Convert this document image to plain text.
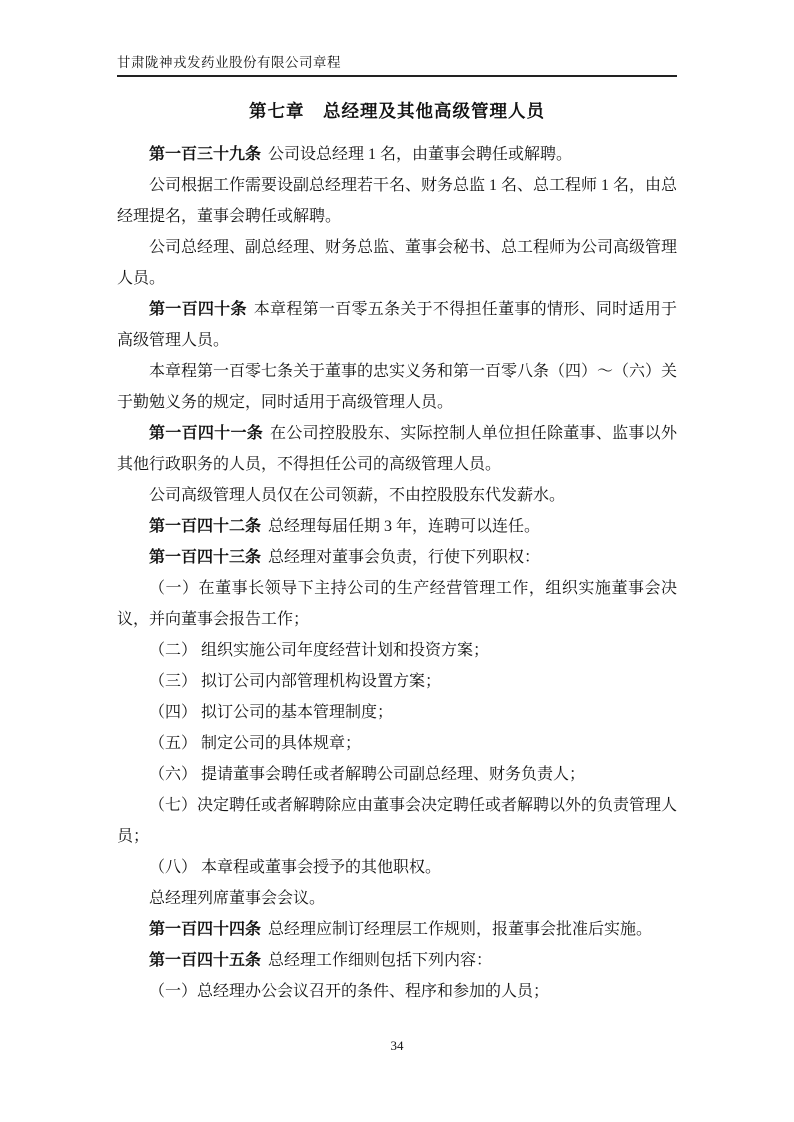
甘肃陇神戎发药业股份有限公司章程
第七章　总经理及其他高级管理人员

第一百三十九条 公司设总经理 1 名，由董事会聘任或解聘。

公司根据工作需要设副总经理若干名、财务总监 1 名、总工程师 1 名，由总经理提名，董事会聘任或解聘。

公司总经理、副总经理、财务总监、董事会秘书、总工程师为公司高级管理人员。

第一百四十条 本章程第一百零五条关于不得担任董事的情形、同时适用于高级管理人员。

本章程第一百零七条关于董事的忠实义务和第一百零八条（四）～（六）关于勤勉义务的规定，同时适用于高级管理人员。

第一百四十一条 在公司控股股东、实际控制人单位担任除董事、监事以外其他行政职务的人员，不得担任公司的高级管理人员。

公司高级管理人员仅在公司领薪，不由控股股东代发薪水。

第一百四十二条 总经理每届任期 3 年，连聘可以连任。

第一百四十三条 总经理对董事会负责，行使下列职权：

（一）在董事长领导下主持公司的生产经营管理工作，组织实施董事会决议，并向董事会报告工作；

（二） 组织实施公司年度经营计划和投资方案；

（三） 拟订公司内部管理机构设置方案；

（四） 拟订公司的基本管理制度；

（五） 制定公司的具体规章；

（六） 提请董事会聘任或者解聘公司副总经理、财务负责人；

（七）决定聘任或者解聘除应由董事会决定聘任或者解聘以外的负责管理人员；

（八） 本章程或董事会授予的其他职权。

总经理列席董事会会议。

第一百四十四条 总经理应制订经理层工作规则，报董事会批准后实施。

第一百四十五条 总经理工作细则包括下列内容：

（一）总经理办公会议召开的条件、程序和参加的人员；

34
